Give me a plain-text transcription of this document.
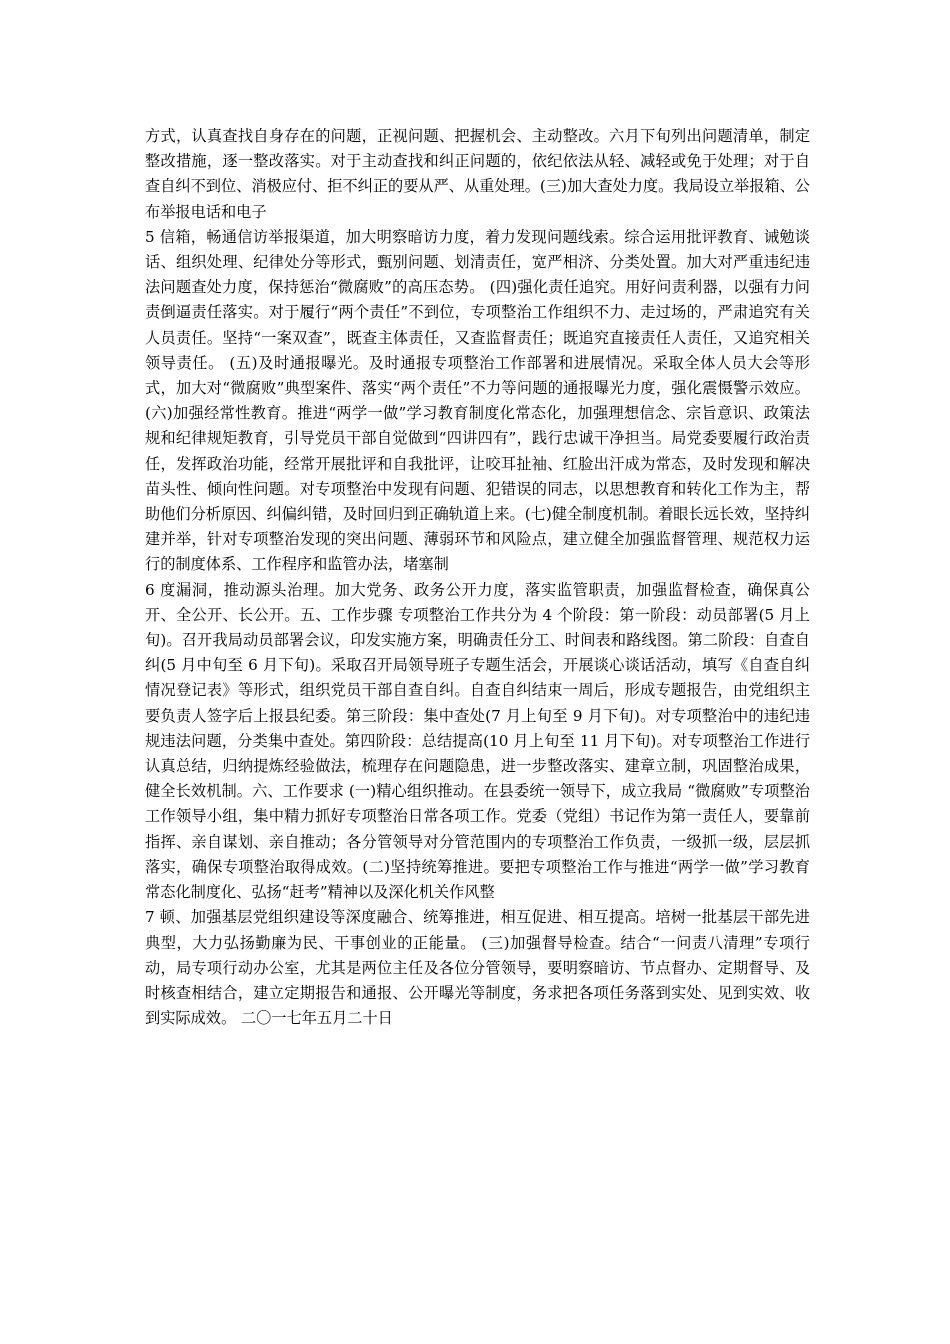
方式，认真查找自身存在的问题，正视问题、把握机会、主动整改。六月下旬列出问题清单，制定整改措施，逐一整改落实。对于主动查找和纠正问题的，依纪依法从轻、减轻或免于处理；对于自查自纠不到位、消极应付、拒不纠正的要从严、从重处理。(三)加大查处力度。我局设立举报箱、公布举报电话和电子

5 信箱，畅通信访举报渠道，加大明察暗访力度，着力发现问题线索。综合运用批评教育、诫勉谈话、组织处理、纪律处分等形式，甄别问题、划清责任，宽严相济、分类处置。加大对严重违纪违法问题查处力度，保持惩治“微腐败”的高压态势。 (四)强化责任追究。用好问责利器，以强有力问责倒逼责任落实。对于履行“两个责任”不到位，专项整治工作组织不力、走过场的，严肃追究有关人员责任。坚持“一案双查”，既查主体责任，又查监督责任；既追究直接责任人责任，又追究相关领导责任。 (五)及时通报曝光。及时通报专项整治工作部署和进展情况。采取全体人员大会等形式，加大对“微腐败”典型案件、落实“两个责任”不力等问题的通报曝光力度，强化震慑警示效应。 (六)加强经常性教育。推进“两学一做”学习教育制度化常态化，加强理想信念、宗旨意识、政策法规和纪律规矩教育，引导党员干部自觉做到“四讲四有”，践行忠诚干净担当。局党委要履行政治责任，发挥政治功能，经常开展批评和自我批评，让咬耳扯袖、红脸出汗成为常态，及时发现和解决苗头性、倾向性问题。对专项整治中发现有问题、犯错误的同志，以思想教育和转化工作为主，帮助他们分析原因、纠偏纠错，及时回归到正确轨道上来。(七)健全制度机制。着眼长远长效，坚持纠建并举，针对专项整治发现的突出问题、薄弱环节和风险点，建立健全加强监督管理、规范权力运行的制度体系、工作程序和监管办法，堵塞制

6 度漏洞，推动源头治理。加大党务、政务公开力度，落实监管职责，加强监督检查，确保真公开、全公开、长公开。五、工作步骤 专项整治工作共分为 4 个阶段：第一阶段：动员部署(5 月上旬)。召开我局动员部署会议，印发实施方案，明确责任分工、时间表和路线图。第二阶段：自查自纠(5 月中旬至 6 月下旬)。采取召开局领导班子专题生活会，开展谈心谈话活动，填写《自查自纠情况登记表》等形式，组织党员干部自查自纠。自查自纠结束一周后，形成专题报告，由党组织主要负责人签字后上报县纪委。第三阶段：集中查处(7 月上旬至 9 月下旬)。对专项整治中的违纪违规违法问题，分类集中查处。第四阶段：总结提高(10 月上旬至 11 月下旬)。对专项整治工作进行认真总结，归纳提炼经验做法，梳理存在问题隐患，进一步整改落实、建章立制，巩固整治成果，健全长效机制。六、工作要求 (一)精心组织推动。在县委统一领导下，成立我局 “微腐败”专项整治工作领导小组，集中精力抓好专项整治日常各项工作。党委（党组）书记作为第一责任人，要靠前指挥、亲自谋划、亲自推动；各分管领导对分管范围内的专项整治工作负责，一级抓一级，层层抓落实，确保专项整治取得成效。(二)坚持统筹推进。要把专项整治工作与推进“两学一做”学习教育常态化制度化、弘扬“赶考”精神以及深化机关作风整

7 顿、加强基层党组织建设等深度融合、统筹推进，相互促进、相互提高。培树一批基层干部先进典型，大力弘扬勤廉为民、干事创业的正能量。 (三)加强督导检查。结合“一问责八清理”专项行动，局专项行动办公室，尤其是两位主任及各位分管领导，要明察暗访、节点督办、定期督导、及时核查相结合，建立定期报告和通报、公开曝光等制度，务求把各项任务落到实处、见到实效、收到实际成效。 二〇一七年五月二十日
